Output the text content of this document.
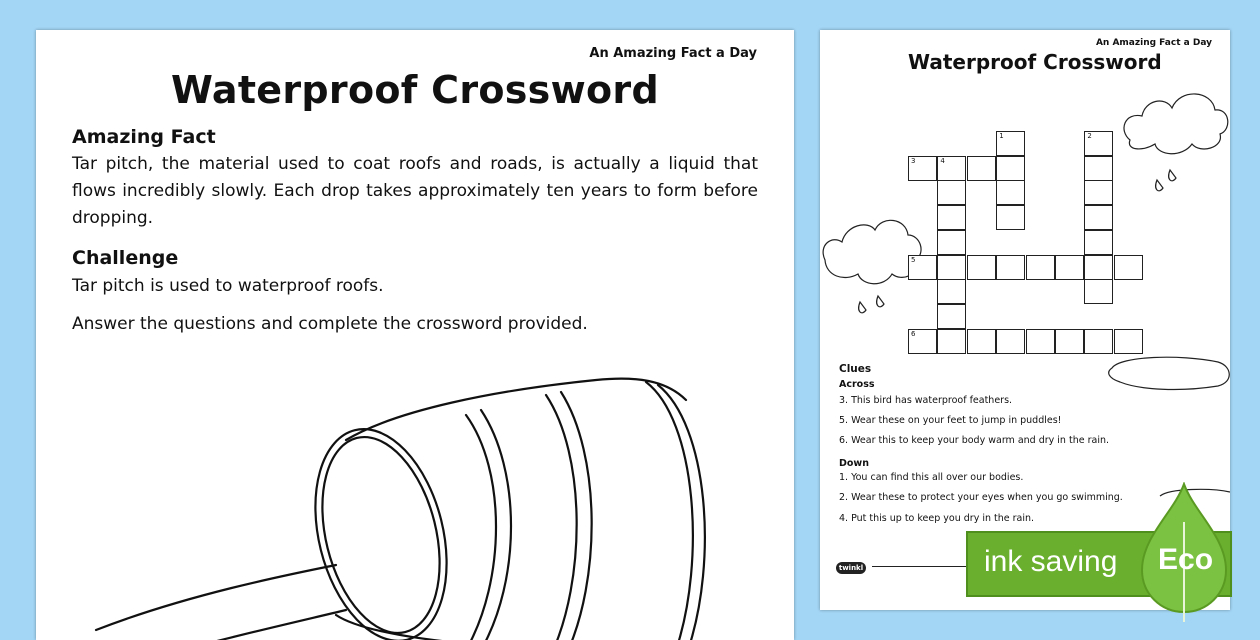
An Amazing Fact a Day
Waterproof Crossword
Amazing Fact
Tar pitch, the material used to coat roofs and roads, is actually a liquid that flows incredibly slowly. Each drop takes approximately ten years to form before dropping.
Challenge
Tar pitch is used to waterproof roofs.
Answer the questions and complete the crossword provided.
An Amazing Fact a Day
Waterproof Crossword
1	2
3	4
5
6
Clues
Across
3. This bird has waterproof feathers.
5. Wear these on your feet to jump in puddles!
6. Wear this to keep your body warm and dry in the rain.
Down
1. You can find this all over our bodies.
2. Wear these to protect your eyes when you go swimming.
4. Put this up to keep you dry in the rain.
twinkl	ink saving Eco
